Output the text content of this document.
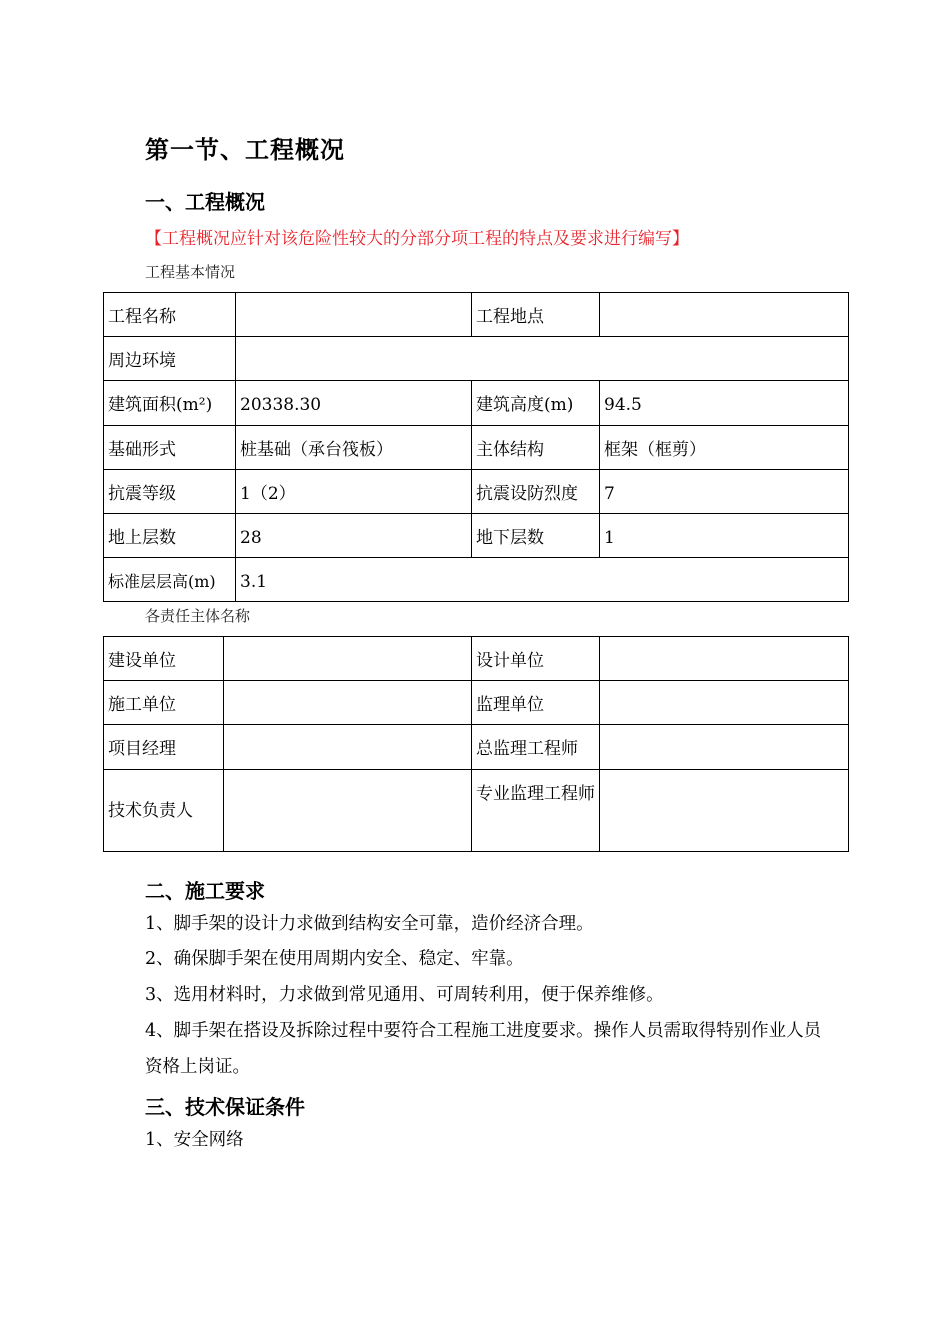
第一节、工程概况
一、工程概况
【工程概况应针对该危险性较大的分部分项工程的特点及要求进行编写】
工程基本情况
工程名称		工程地点	
周边环境			
建筑面积(m²)	20338.30	建筑高度(m)	94.5
基础形式	桩基础（承台筏板）	主体结构	框架（框剪）
抗震等级	1（2）	抗震设防烈度	7
地上层数	28	地下层数	1
标准层层高(m)	3.1		
各责任主体名称
建设单位		设计单位	
施工单位		监理单位	
项目经理		总监理工程师	
技术负责人		专业监理工程师	
二、施工要求
1、脚手架的设计力求做到结构安全可靠，造价经济合理。
2、确保脚手架在使用周期内安全、稳定、牢靠。
3、选用材料时，力求做到常见通用、可周转利用，便于保养维修。
4、脚手架在搭设及拆除过程中要符合工程施工进度要求。操作人员需取得特别作业人员资格上岗证。
三、技术保证条件
1、安全网络
